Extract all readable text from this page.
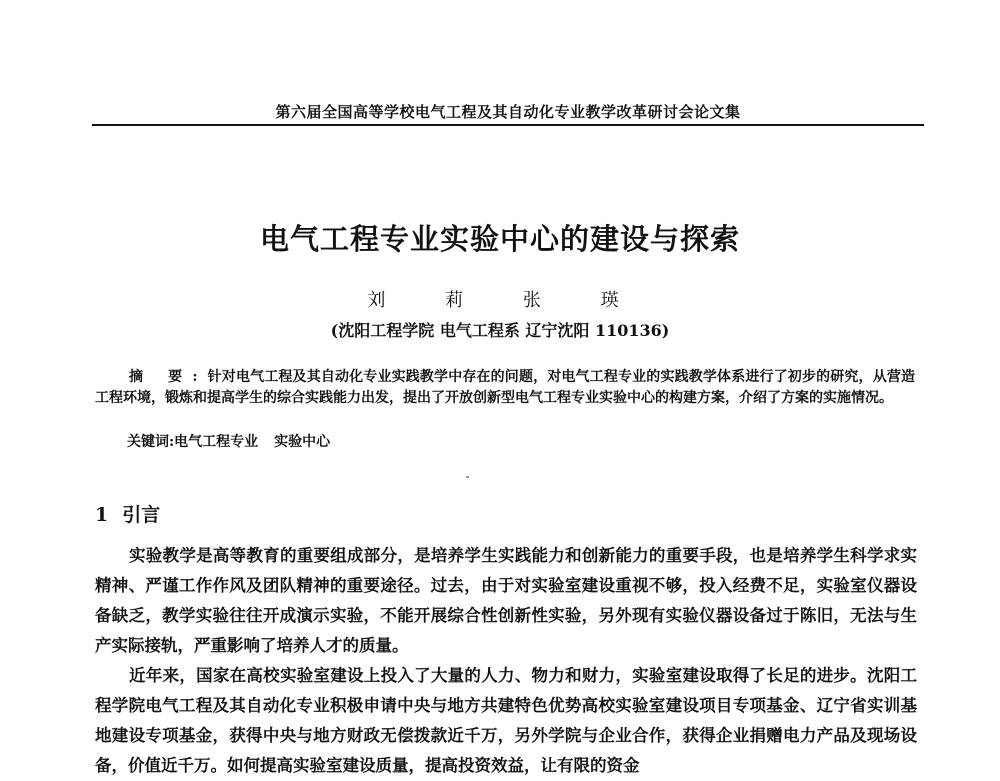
第六届全国高等学校电气工程及其自动化专业教学改革研讨会论文集
电气工程专业实验中心的建设与探索
刘 莉 张 瑛
(沈阳工程学院 电气工程系 辽宁沈阳 110136)
摘 要:针对电气工程及其自动化专业实践教学中存在的问题，对电气工程专业的实践教学体系进行了初步的研究，从营造工程环境，锻炼和提高学生的综合实践能力出发，提出了开放创新型电气工程专业实验中心的构建方案，介绍了方案的实施情况。
关键词:电气工程专业 实验中心
1 引言

实验教学是高等教育的重要组成部分，是培养学生实践能力和创新能力的重要手段，也是培养学生科学求实精神、严谨工作作风及团队精神的重要途径。过去，由于对实验室建设重视不够，投入经费不足，实验室仪器设备缺乏，教学实验往往开成演示实验，不能开展综合性创新性实验，另外现有实验仪器设备过于陈旧，无法与生产实际接轨，严重影响了培养人才的质量。

近年来，国家在高校实验室建设上投入了大量的人力、物力和财力，实验室建设取得了长足的进步。沈阳工程学院电气工程及其自动化专业积极申请中央与地方共建特色优势高校实验室建设项目专项基金、辽宁省实训基地建设专项基金，获得中央与地方财政无偿拨款近千万，另外学院与企业合作，获得企业捐赠电力产品及现场设备，价值近千万。如何提高实验室建设质量，提高投资效益，让有限的资金
